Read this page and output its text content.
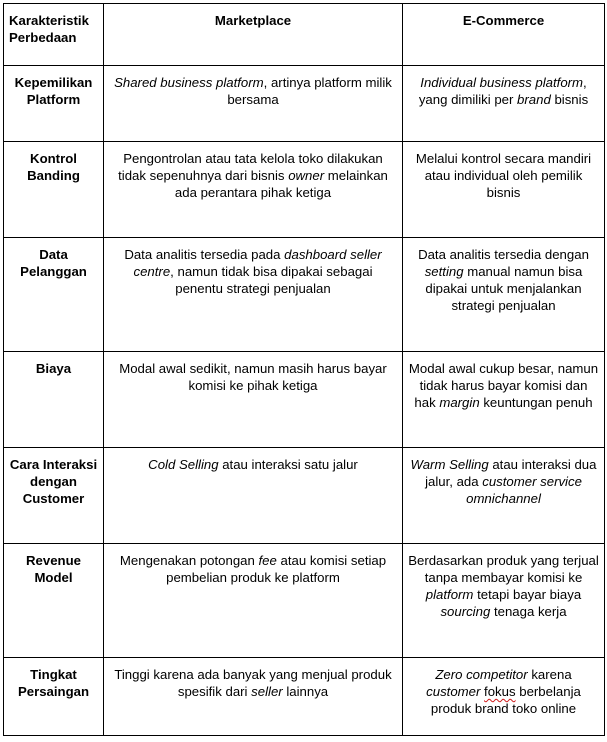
Karakteristik Perbedaan	Marketplace	E-Commerce
Kepemilikan Platform	Shared business platform, artinya platform milik bersama	Individual business platform, yang dimiliki per brand bisnis
Kontrol Banding	Pengontrolan atau tata kelola toko dilakukan tidak sepenuhnya dari bisnis owner melainkan ada perantara pihak ketiga	Melalui kontrol secara mandiri atau individual oleh pemilik bisnis
Data Pelanggan	Data analitis tersedia pada dashboard seller centre, namun tidak bisa dipakai sebagai penentu strategi penjualan	Data analitis tersedia dengan setting manual namun bisa dipakai untuk menjalankan strategi penjualan
Biaya	Modal awal sedikit, namun masih harus bayar komisi ke pihak ketiga	Modal awal cukup besar, namun tidak harus bayar komisi dan hak margin keuntungan penuh
Cara Interaksi dengan Customer	Cold Selling atau interaksi satu jalur	Warm Selling atau interaksi dua jalur, ada customer service omnichannel
Revenue Model	Mengenakan potongan fee atau komisi setiap pembelian produk ke platform	Berdasarkan produk yang terjual tanpa membayar komisi ke platform tetapi bayar biaya sourcing tenaga kerja
Tingkat Persaingan	Tinggi karena ada banyak yang menjual produk spesifik dari seller lainnya	Zero competitor karena customer fokus berbelanja produk brand toko online
